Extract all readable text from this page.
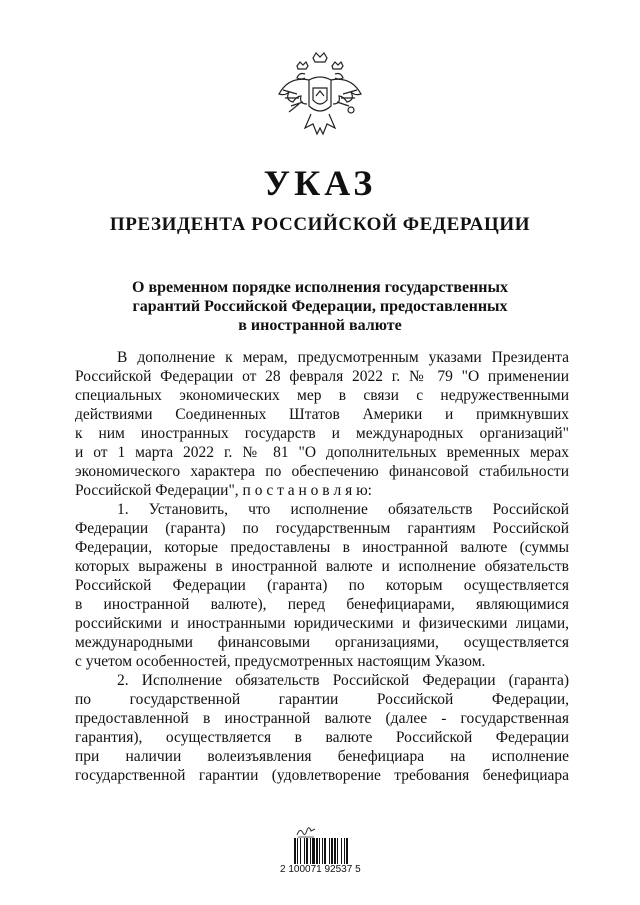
УКАЗ
ПРЕЗИДЕНТА РОССИЙСКОЙ ФЕДЕРАЦИИ
О временном порядке исполнения государственных
гарантий Российской Федерации, предоставленных
в иностранной валюте
В дополнение к мерам, предусмотренным указами Президента
Российской Федерации от 28 февраля 2022 г. № 79 "О применении
специальных экономических мер в связи с недружественными
действиями Соединенных Штатов Америки и примкнувших
к ним иностранных государств и международных организаций"
и от 1 марта 2022 г. № 81 "О дополнительных временных мерах
экономического характера по обеспечению финансовой стабильности
Российской Федерации", п о с т а н о в л я ю:
1. Установить, что исполнение обязательств Российской
Федерации (гаранта) по государственным гарантиям Российской
Федерации, которые предоставлены в иностранной валюте (суммы
которых выражены в иностранной валюте и исполнение обязательств
Российской Федерации (гаранта) по которым осуществляется
в иностранной валюте), перед бенефициарами, являющимися
российскими и иностранными юридическими и физическими лицами,
международными финансовыми организациями, осуществляется
с учетом особенностей, предусмотренных настоящим Указом.
2. Исполнение обязательств Российской Федерации (гаранта)
по государственной гарантии Российской Федерации,
предоставленной в иностранной валюте (далее - государственная
гарантия), осуществляется в валюте Российской Федерации
при наличии волеизъявления бенефициара на исполнение
государственной гарантии (удовлетворение требования бенефициара
2 100071 92537 5
